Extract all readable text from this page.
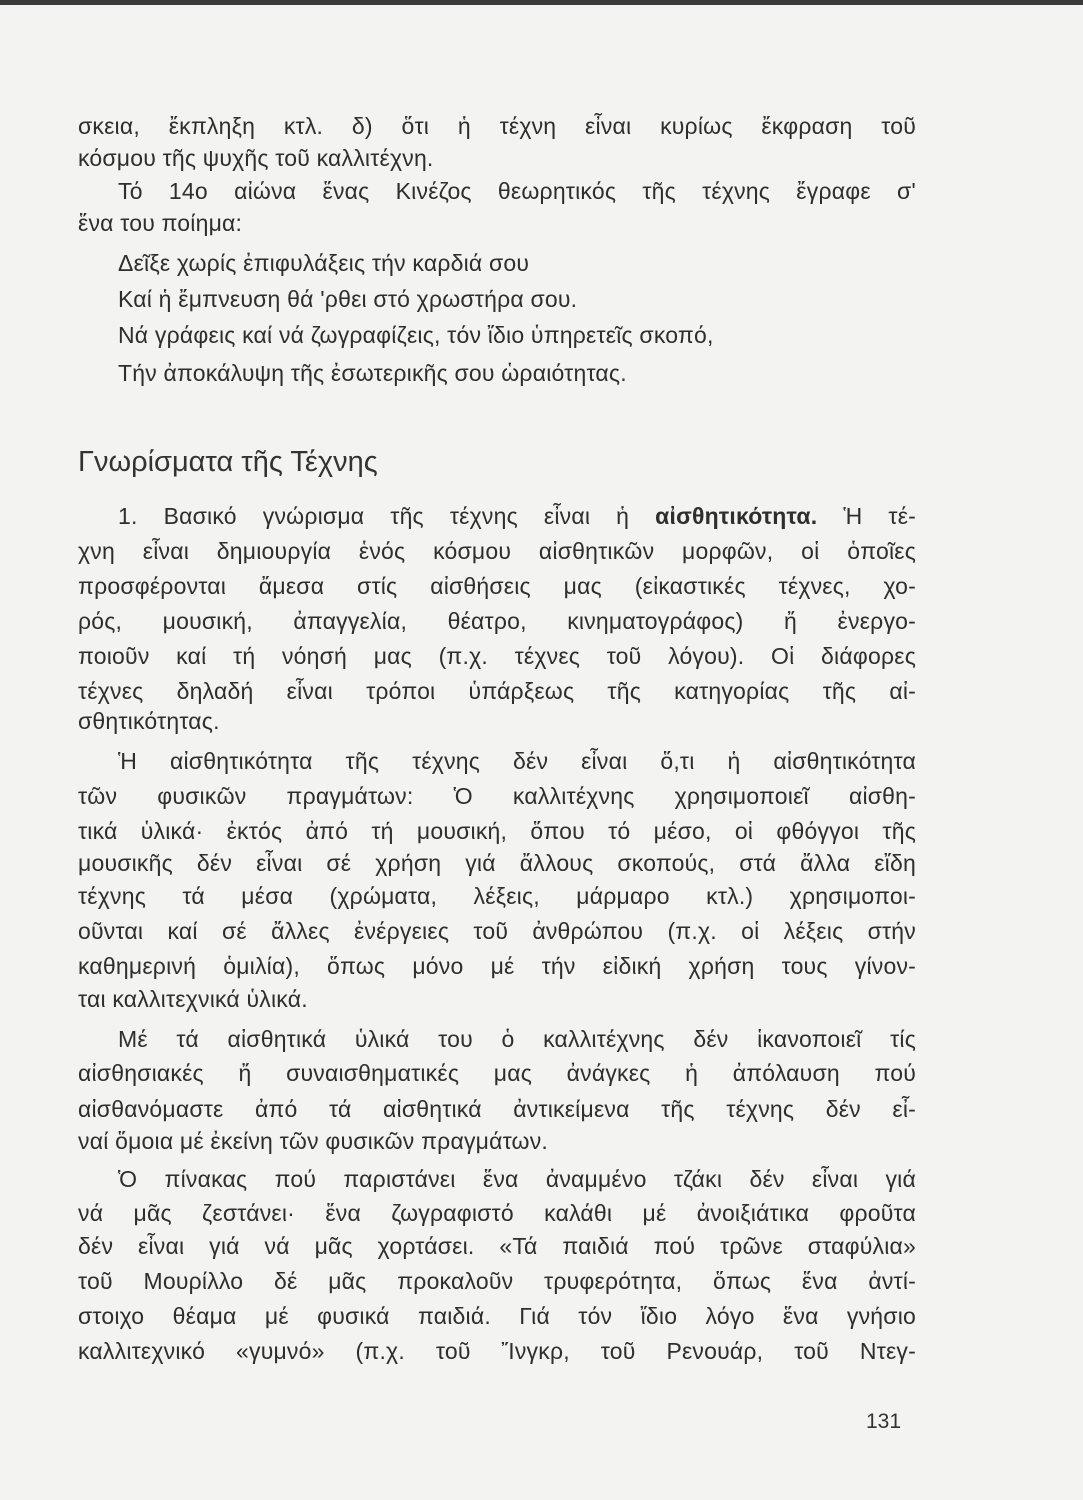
σκεια, ἔκπληξη κτλ. δ) ὅτι ἡ τέχνη εἶναι κυρίως ἔκφραση τοῦ
κόσμου τῆς ψυχῆς τοῦ καλλιτέχνη.
Τό 14ο αἰώνα ἕνας Κινέζος θεωρητικός τῆς τέχνης ἔγραφε σ'
ἕνα του ποίημα:
Δεῖξε χωρίς ἐπιφυλάξεις τήν καρδιά σου
Καί ἡ ἔμπνευση θά 'ρθει στό χρωστήρα σου.
Νά γράφεις καί νά ζωγραφίζεις, τόν ἴδιο ὑπηρετεῖς σκοπό,
Τήν ἀποκάλυψη τῆς ἐσωτερικῆς σου ὡραιότητας.
Γνωρίσματα τῆς Τέχνης
1. Βασικό γνώρισμα τῆς τέχνης εἶναι ἡ αἰσθητικότητα. Ἡ τέ-
χνη εἶναι δημιουργία ἑνός κόσμου αἰσθητικῶν μορφῶν, οἱ ὁποῖες
προσφέρονται ἄμεσα στίς αἰσθήσεις μας (εἰκαστικές τέχνες, χο-
ρός, μουσική, ἀπαγγελία, θέατρο, κινηματογράφος) ἤ ἐνεργο-
ποιοῦν καί τή νόησή μας (π.χ. τέχνες τοῦ λόγου). Οἱ διάφορες
τέχνες δηλαδή εἶναι τρόποι ὑπάρξεως τῆς κατηγορίας τῆς αἰ-
σθητικότητας.
Ἡ αἰσθητικότητα τῆς τέχνης δέν εἶναι ὅ,τι ἡ αἰσθητικότητα
τῶν φυσικῶν πραγμάτων: Ὁ καλλιτέχνης χρησιμοποιεῖ αἰσθη-
τικά ὑλικά· ἐκτός ἀπό τή μουσική, ὅπου τό μέσο, οἱ φθόγγοι τῆς
μουσικῆς δέν εἶναι σέ χρήση γιά ἄλλους σκοπούς, στά ἄλλα εἴδη
τέχνης τά μέσα (χρώματα, λέξεις, μάρμαρο κτλ.) χρησιμοποι-
οῦνται καί σέ ἄλλες ἐνέργειες τοῦ ἀνθρώπου (π.χ. οἱ λέξεις στήν
καθημερινή ὁμιλία), ὅπως μόνο μέ τήν εἰδική χρήση τους γίνον-
ται καλλιτεχνικά ὑλικά.
Μέ τά αἰσθητικά ὑλικά του ὁ καλλιτέχνης δέν ἱκανοποιεῖ τίς
αἰσθησιακές ἤ συναισθηματικές μας ἀνάγκες ἡ ἀπόλαυση πού
αἰσθανόμαστε ἀπό τά αἰσθητικά ἀντικείμενα τῆς τέχνης δέν εἶ-
ναί ὅμοια μέ ἐκείνη τῶν φυσικῶν πραγμάτων.
Ὁ πίνακας πού παριστάνει ἕνα ἀναμμένο τζάκι δέν εἶναι γιά
νά μᾶς ζεστάνει· ἕνα ζωγραφιστό καλάθι μέ ἀνοιξιάτικα φροῦτα
δέν εἶναι γιά νά μᾶς χορτάσει. «Τά παιδιά πού τρῶνε σταφύλια»
τοῦ Μουρίλλο δέ μᾶς προκαλοῦν τρυφερότητα, ὅπως ἕνα ἀντί-
στοιχο θέαμα μέ φυσικά παιδιά. Γιά τόν ἴδιο λόγο ἕνα γνήσιο
καλλιτεχνικό «γυμνό» (π.χ. τοῦ Ἴνγκρ, τοῦ Ρενουάρ, τοῦ Ντεγ-
131
